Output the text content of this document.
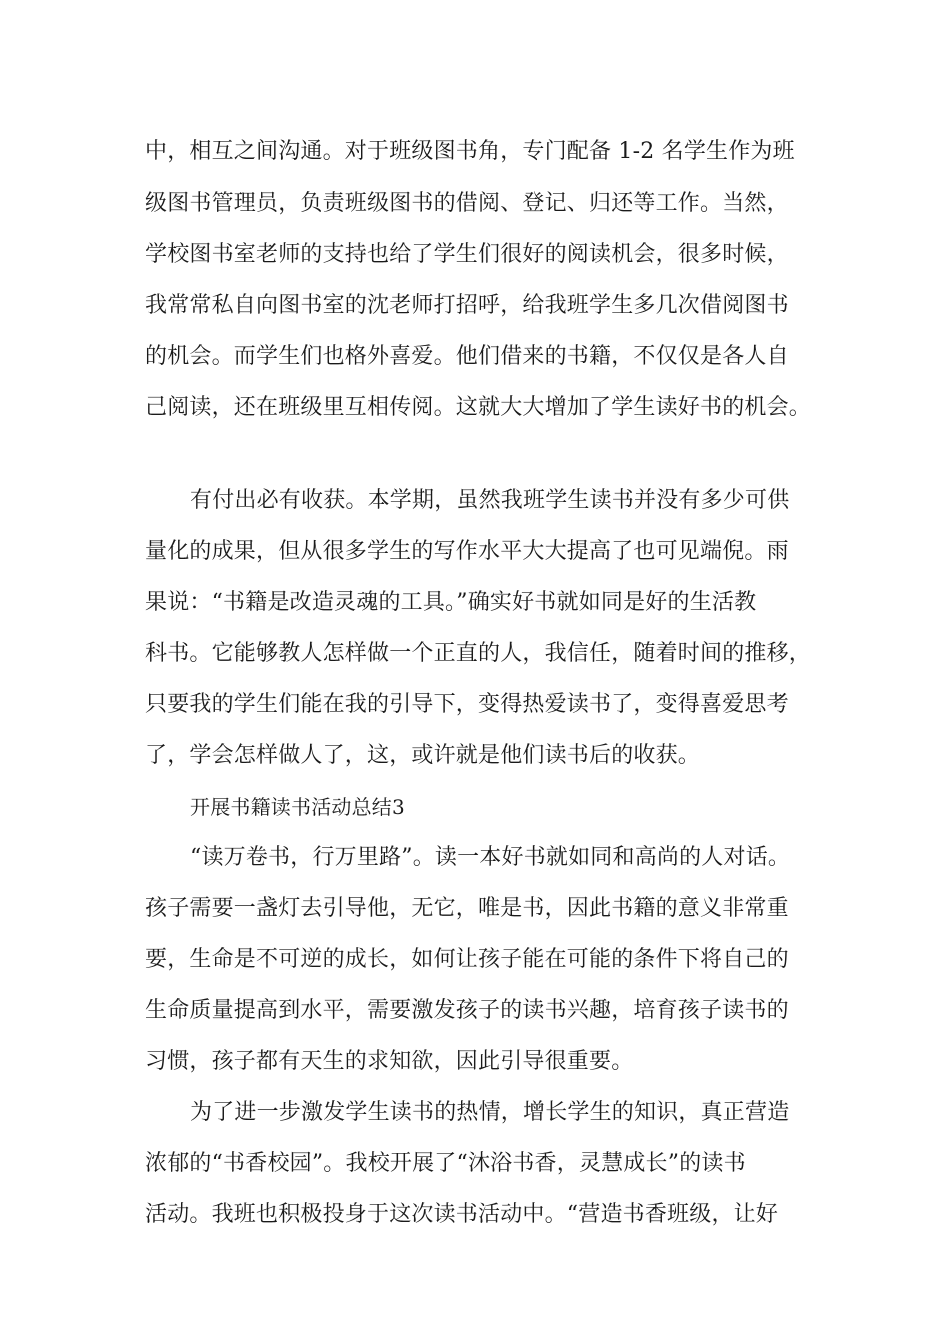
中，相互之间沟通。对于班级图书角，专门配备 1-2 名学生作为班
级图书管理员，负责班级图书的借阅、登记、归还等工作。当然，
学校图书室老师的支持也给了学生们很好的阅读机会，很多时候，
我常常私自向图书室的沈老师打招呼，给我班学生多几次借阅图书
的机会。而学生们也格外喜爱。他们借来的书籍，不仅仅是各人自
己阅读，还在班级里互相传阅。这就大大增加了学生读好书的机会。
有付出必有收获。本学期，虽然我班学生读书并没有多少可供
量化的成果，但从很多学生的写作水平大大提高了也可见端倪。雨
果说：“书籍是改造灵魂的工具。”确实好书就如同是好的生活教
科书。它能够教人怎样做一个正直的人，我信任，随着时间的推移，
只要我的学生们能在我的引导下，变得热爱读书了，变得喜爱思考
了，学会怎样做人了，这，或许就是他们读书后的收获。
开展书籍读书活动总结3
“读万卷书，行万里路”。读一本好书就如同和高尚的人对话。
孩子需要一盏灯去引导他，无它，唯是书，因此书籍的意义非常重
要，生命是不可逆的成长，如何让孩子能在可能的条件下将自己的
生命质量提高到水平，需要激发孩子的读书兴趣，培育孩子读书的
习惯，孩子都有天生的求知欲，因此引导很重要。
为了进一步激发学生读书的热情，增长学生的知识，真正营造
浓郁的“书香校园”。我校开展了“沐浴书香，灵慧成长”的读书
活动。我班也积极投身于这次读书活动中。“营造书香班级，让好
